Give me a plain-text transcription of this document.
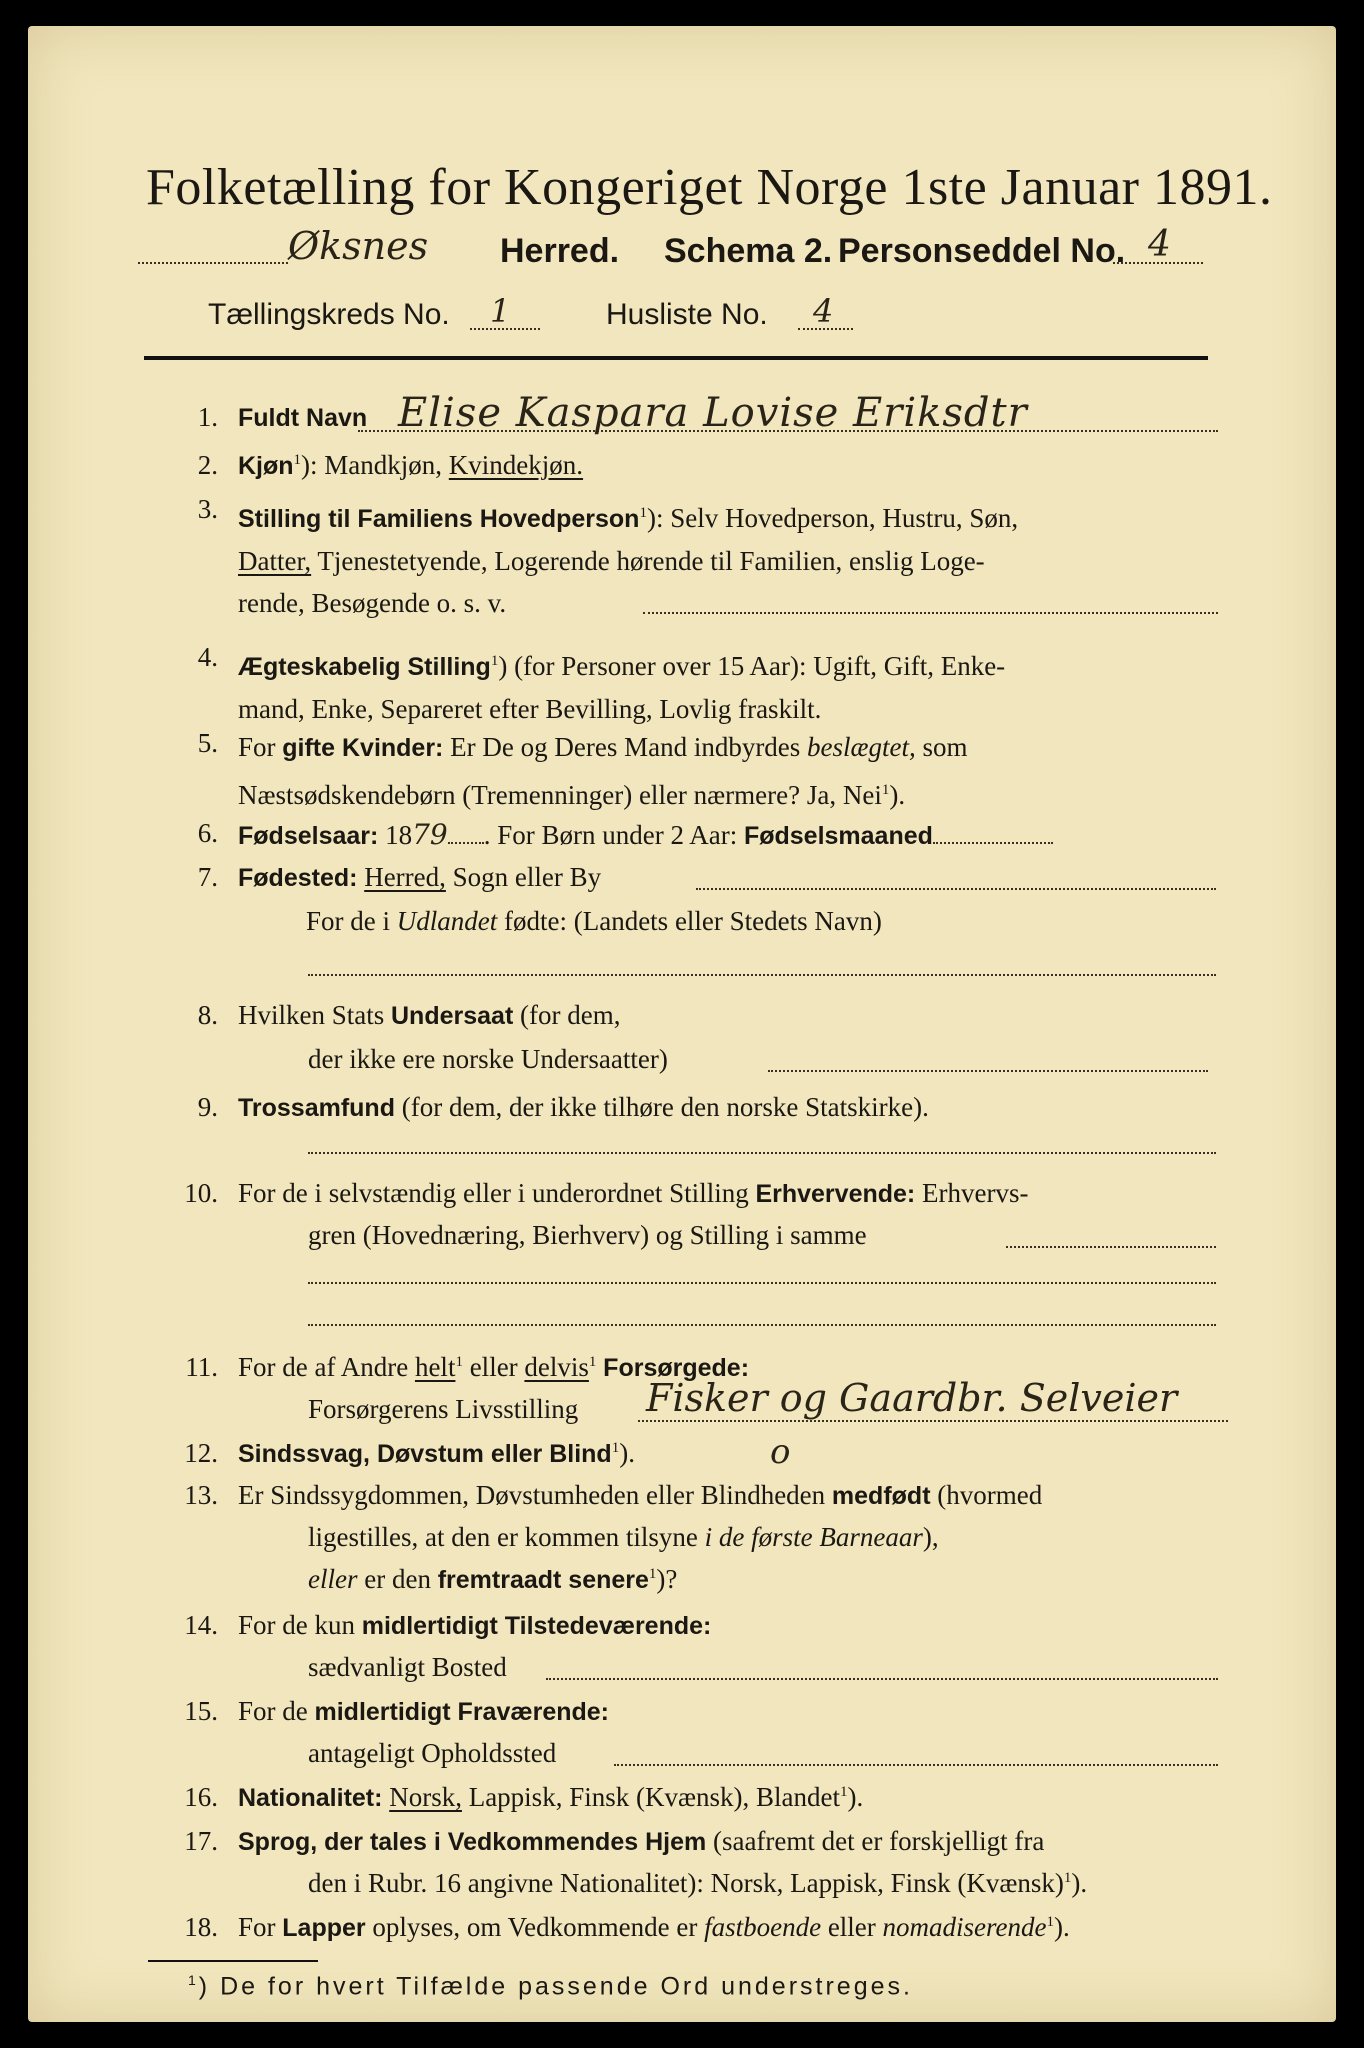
Folketælling for Kongeriget Norge 1ste Januar 1891.
Øksnes Herred. Schema 2. Personseddel No. 4
Tællingskreds No. 1	Husliste No. 4
1. Fuldt Navn Elise Kaspara Lovise Eriksdtr
2. Kjøn$^1$): Mandkjøn, Kvindekjøn.
3. Stilling til Familiens Hovedperson$^1$): Selv Hovedperson, Hustru, Søn,
Datter, Tjenestetyende, Logerende hørende til Familien, enslig Loge-
rende, Besøgende o. s. v.
4. Ægteskabelig Stilling$^1$) (for Personer over 15 Aar): Ugift, Gift, Enke-
mand, Enke, Separeret efter Bevilling, Lovlig fraskilt.
5. For gifte Kvinder: Er De og Deres Mand indbyrdes beslægtet, som
Næstsødskendebørn (Tremenninger) eller nærmere? Ja, Nei$^1$).
6. Fødselsaar: 1879 . For Børn under 2 Aar: Fødselsmaaned
7. Fødested: Herred, Sogn eller By
For de i Udlandet fødte: (Landets eller Stedets Navn)
8. Hvilken Stats Undersaat (for dem,
der ikke ere norske Undersaatter)
9. Trossamfund (for dem, der ikke tilhøre den norske Statskirke).
10. For de i selvstændig eller i underordnet Stilling Erhvervende: Erhvervs-
gren (Hovednæring, Bierhverv) og Stilling i samme
11. For de af Andre helt$^1$ eller delvis$^1$ Forsørgede:
Forsørgerens Livsstilling Fisker og Gaardbr. Selveier
12. Sindssvag, Døvstum eller Blind$^1$).	o
13. Er Sindssygdommen, Døvstumheden eller Blindheden medfødt (hvormed
ligestilles, at den er kommen tilsyne i de første Barneaar),
eller er den fremtraadt senere$^1$)?
14. For de kun midlertidigt Tilstedeværende:
sædvanligt Bosted
15. For de midlertidigt Fraværende:
antageligt Opholdssted
16. Nationalitet: Norsk, Lappisk, Finsk (Kvænsk), Blandet$^1$).
17. Sprog, der tales i Vedkommendes Hjem (saafremt det er forskjelligt fra
den i Rubr. 16 angivne Nationalitet): Norsk, Lappisk, Finsk (Kvænsk)$^1$).
18. For Lapper oplyses, om Vedkommende er fastboende eller nomadiserende$^1$).
$^1$) De for hvert Tilfælde passende Ord understreges.
